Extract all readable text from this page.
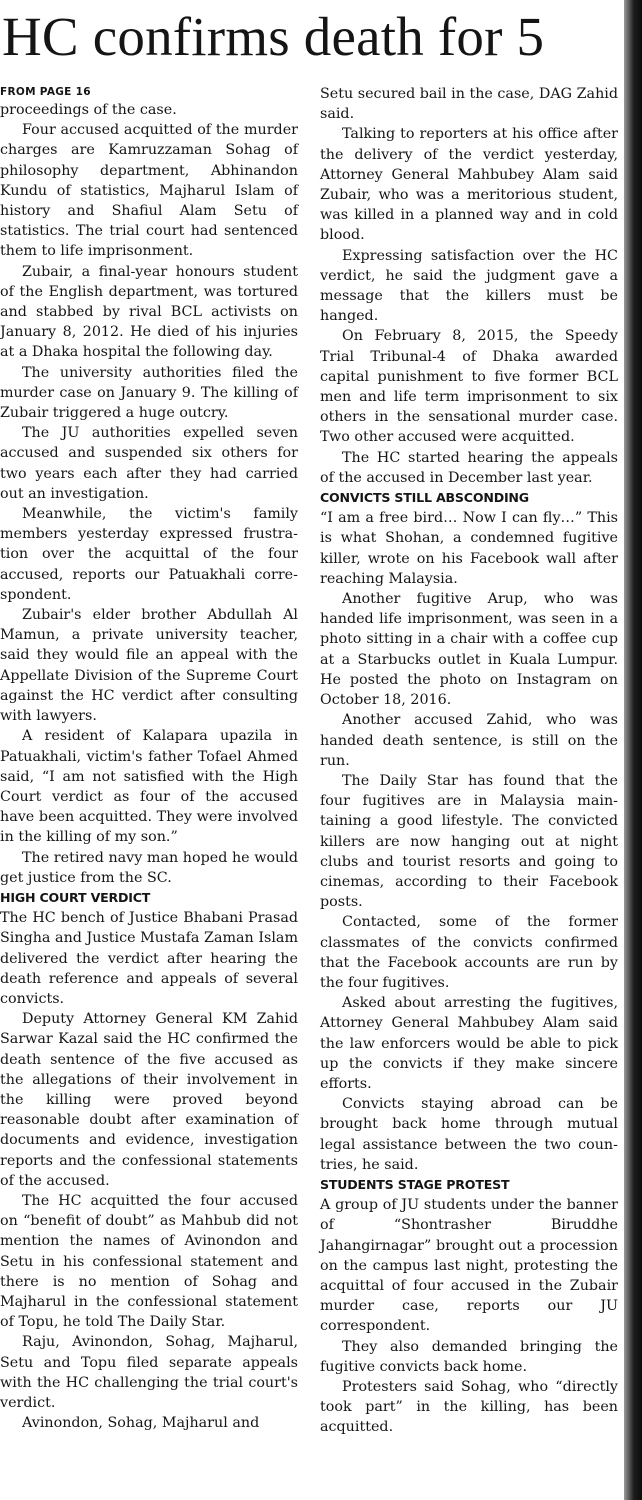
HC confirms death for 5
FROM PAGE 16

proceedings of the case.

Four accused acquitted of the murder charges are Kamruzzaman Sohag of philosophy department, Abhinandon Kundu of statistics, Majharul Islam of history and Shafiul Alam Setu of statistics. The trial court had sentenced them to life imprisonment.

Zubair, a final-year honours student of the English department, was tortured and stabbed by rival BCL activists on January 8, 2012. He died of his injuries at a Dhaka hospital the following day.

The university authorities filed the murder case on January 9. The killing of Zubair triggered a huge outcry.

The JU authorities expelled seven accused and suspended six others for two years each after they had carried out an investigation.

Meanwhile, the victim's family members yesterday expressed frustration over the acquittal of the four accused, reports our Patuakhali correspondent.

Zubair's elder brother Abdullah Al Mamun, a private university teacher, said they would file an appeal with the Appellate Division of the Supreme Court against the HC verdict after consulting with lawyers.

A resident of Kalapara upazila in Patuakhali, victim's father Tofael Ahmed said, “I am not satisfied with the High Court verdict as four of the accused have been acquitted. They were involved in the killing of my son.”

The retired navy man hoped he would get justice from the SC.

HIGH COURT VERDICT

The HC bench of Justice Bhabani Prasad Singha and Justice Mustafa Zaman Islam delivered the verdict after hearing the death reference and appeals of several convicts.

Deputy Attorney General KM Zahid Sarwar Kazal said the HC confirmed the death sentence of the five accused as the allegations of their involvement in the killing were proved beyond reasonable doubt after examination of documents and evidence, investigation reports and the confessional statements of the accused.

The HC acquitted the four accused on “benefit of doubt” as Mahbub did not mention the names of Avinondon and Setu in his confessional statement and there is no mention of Sohag and Majharul in the confessional statement of Topu, he told The Daily Star.

Raju, Avinondon, Sohag, Majharul, Setu and Topu filed separate appeals with the HC challenging the trial court's verdict.

Avinondon, Sohag, Majharul and

Setu secured bail in the case, DAG Zahid said.

Talking to reporters at his office after the delivery of the verdict yesterday, Attorney General Mahbubey Alam said Zubair, who was a meritorious student, was killed in a planned way and in cold blood.

Expressing satisfaction over the HC verdict, he said the judgment gave a message that the killers must be hanged.

On February 8, 2015, the Speedy Trial Tribunal-4 of Dhaka awarded capital punishment to five former BCL men and life term imprisonment to six others in the sensational murder case. Two other accused were acquitted.

The HC started hearing the appeals of the accused in December last year.

CONVICTS STILL ABSCONDING

“I am a free bird… Now I can fly…” This is what Shohan, a condemned fugitive killer, wrote on his Facebook wall after reaching Malaysia.

Another fugitive Arup, who was handed life imprisonment, was seen in a photo sitting in a chair with a coffee cup at a Starbucks outlet in Kuala Lumpur. He posted the photo on Instagram on October 18, 2016.

Another accused Zahid, who was handed death sentence, is still on the run.

The Daily Star has found that the four fugitives are in Malaysia maintaining a good lifestyle. The convicted killers are now hanging out at night clubs and tourist resorts and going to cinemas, according to their Facebook posts.

Contacted, some of the former classmates of the convicts confirmed that the Facebook accounts are run by the four fugitives.

Asked about arresting the fugitives, Attorney General Mahbubey Alam said the law enforcers would be able to pick up the convicts if they make sincere efforts.

Convicts staying abroad can be brought back home through mutual legal assistance between the two countries, he said.

STUDENTS STAGE PROTEST

A group of JU students under the banner of “Shontrasher Biruddhe Jahangirnagar” brought out a procession on the campus last night, protesting the acquittal of four accused in the Zubair murder case, reports our JU correspondent.

They also demanded bringing the fugitive convicts back home.

Protesters said Sohag, who “directly took part” in the killing, has been acquitted.
